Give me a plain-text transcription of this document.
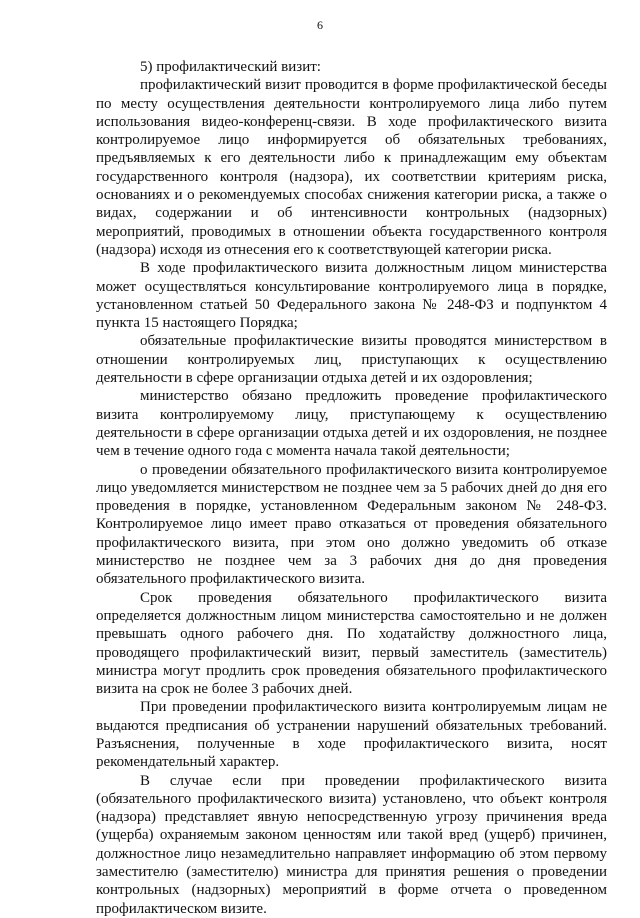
6

5) профилактический визит:

профилактический визит проводится в форме профилактической беседы по месту осуществления деятельности контролируемого лица либо путем использования видео-конференц-связи. В ходе профилактического визита контролируемое лицо информируется об обязательных требованиях, предъявляемых к его деятельности либо к принадлежащим ему объектам государственного контроля (надзора), их соответствии критериям риска, основаниях и о рекомендуемых способах снижения категории риска, а также о видах, содержании и об интенсивности контрольных (надзорных) мероприятий, проводимых в отношении объекта государственного контроля (надзора) исходя из отнесения его к соответствующей категории риска.

В ходе профилактического визита должностным лицом министерства может осуществляться консультирование контролируемого лица в порядке, установленном статьей 50 Федерального закона № 248-ФЗ и подпунктом 4 пункта 15 настоящего Порядка;

обязательные профилактические визиты проводятся министерством в отношении контролируемых лиц, приступающих к осуществлению деятельности в сфере организации отдыха детей и их оздоровления;

министерство обязано предложить проведение профилактического визита контролируемому лицу, приступающему к осуществлению деятельности в сфере организации отдыха детей и их оздоровления, не позднее чем в течение одного года с момента начала такой деятельности;

о проведении обязательного профилактического визита контролируемое лицо уведомляется министерством не позднее чем за 5 рабочих дней до дня его проведения в порядке, установленном Федеральным законом № 248-ФЗ. Контролируемое лицо имеет право отказаться от проведения обязательного профилактического визита, при этом оно должно уведомить об отказе министерство не позднее чем за 3 рабочих дня до дня проведения обязательного профилактического визита.

Срок проведения обязательного профилактического визита определяется должностным лицом министерства самостоятельно и не должен превышать одного рабочего дня. По ходатайству должностного лица, проводящего профилактический визит, первый заместитель (заместитель) министра могут продлить срок проведения обязательного профилактического визита на срок не более 3 рабочих дней.

При проведении профилактического визита контролируемым лицам не выдаются предписания об устранении нарушений обязательных требований. Разъяснения, полученные в ходе профилактического визита, носят рекомендательный характер.

В случае если при проведении профилактического визита (обязательного профилактического визита) установлено, что объект контроля (надзора) представляет явную непосредственную угрозу причинения вреда (ущерба) охраняемым законом ценностям или такой вред (ущерб) причинен, должностное лицо незамедлительно направляет информацию об этом первому заместителю (заместителю) министра для принятия решения о проведении контрольных (надзорных) мероприятий в форме отчета о проведенном профилактическом визите.
